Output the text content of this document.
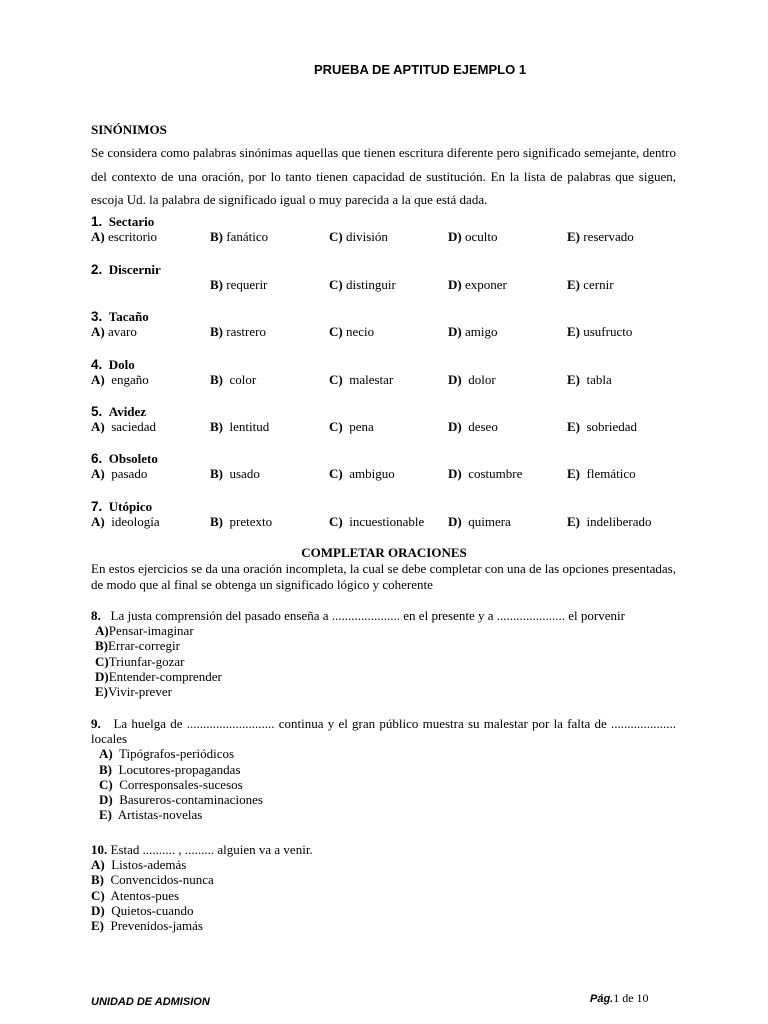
PRUEBA DE APTITUD EJEMPLO 1
SINÓNIMOS
Se considera como palabras sinónimas aquellas que tienen escritura diferente pero significado semejante, dentro del contexto de una oración, por lo tanto tienen capacidad de sustitución. En la lista de palabras que siguen, escoja Ud. la palabra de significado igual o muy parecida a la que está dada.
1. Sectario
A) escritorio	B) fanático	C) división	D) oculto	E) reservado
2. Discernir
B) requerir	C) distinguir	D) exponer	E) cernir
3. Tacaño
A) avaro	B) rastrero	C) necio	D) amigo	E) usufructo
4. Dolo
A) engaño	B) color	C) malestar	D) dolor	E) tabla
5. Avidez
A) saciedad	B) lentitud	C) pena	D) deseo	E) sobriedad
6. Obsoleto
A) pasado	B) usado	C) ambiguo	D) costumbre	E) flemático
7. Utópico
A) ideología	B) pretexto	C) incuestionable D) quimera	E) indeliberado
COMPLETAR ORACIONES
En estos ejercicios se da una oración incompleta, la cual se debe completar con una de las opciones presentadas, de modo que al final se obtenga un significado lógico y coherente
8. La justa comprensión del pasado enseña a ..................... en el presente y a ..................... el porvenir
A)Pensar-imaginar
B)Errar-corregir
C)Triunfar-gozar
D)Entender-comprender
E)Vivir-prever
9. La huelga de ........................... continua y el gran público muestra su malestar por la falta de .................... locales
A) Tipógrafos-periódicos
B) Locutores-propagandas
C) Corresponsales-sucesos
D) Basureros-contaminaciones
E) Artistas-novelas
10. Estad .......... , ......... alguien va a venir.
A) Listos-además
B) Convencidos-nunca
C) Atentos-pues
D) Quietos-cuando
E) Prevenidos-jamás
UNIDAD DE ADMISION	Pág.1 de 10
